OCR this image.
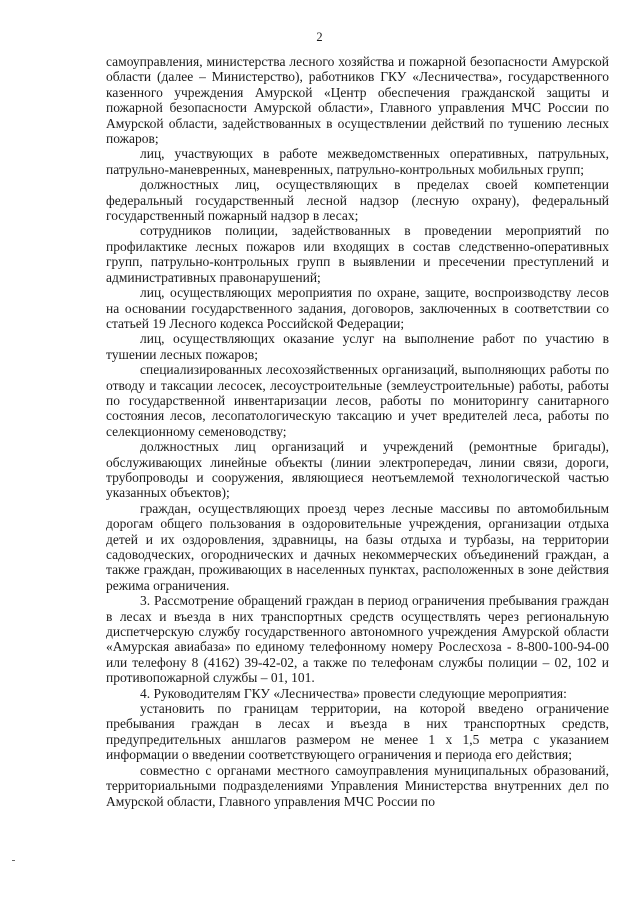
2

самоуправления, министерства лесного хозяйства и пожарной безопасности Амурской области (далее – Министерство), работников ГКУ «Лесничества», государственного казенного учреждения Амурской «Центр обеспечения гражданской защиты и пожарной безопасности Амурской области», Главного управления МЧС России по Амурской области, задействованных в осуществлении действий по тушению лесных пожаров;

лиц, участвующих в работе межведомственных оперативных, патрульных, патрульно-маневренных, маневренных, патрульно-контрольных мобильных групп;

должностных лиц, осуществляющих в пределах своей компетенции федеральный государственный лесной надзор (лесную охрану), федеральный государственный пожарный надзор в лесах;

сотрудников полиции, задействованных в проведении мероприятий по профилактике лесных пожаров или входящих в состав следственно-оперативных групп, патрульно-контрольных групп в выявлении и пресечении преступлений и административных правонарушений;

лиц, осуществляющих мероприятия по охране, защите, воспроизводству лесов на основании государственного задания, договоров, заключенных в соответствии со статьей 19 Лесного кодекса Российской Федерации;

лиц, осуществляющих оказание услуг на выполнение работ по участию в тушении лесных пожаров;

специализированных лесохозяйственных организаций, выполняющих работы по отводу и таксации лесосек, лесоустроительные (землеустроительные) работы, работы по государственной инвентаризации лесов, работы по мониторингу санитарного состояния лесов, лесопатологическую таксацию и учет вредителей леса, работы по селекционному семеноводству;

должностных лиц организаций и учреждений (ремонтные бригады), обслуживающих линейные объекты (линии электропередач, линии связи, дороги, трубопроводы и сооружения, являющиеся неотъемлемой технологической частью указанных объектов);

граждан, осуществляющих проезд через лесные массивы по автомобильным дорогам общего пользования в оздоровительные учреждения, организации отдыха детей и их оздоровления, здравницы, на базы отдыха и турбазы, на территории садоводческих, огороднических и дачных некоммерческих объединений граждан, а также граждан, проживающих в населенных пунктах, расположенных в зоне действия режима ограничения.

3. Рассмотрение обращений граждан в период ограничения пребывания граждан в лесах и въезда в них транспортных средств осуществлять через региональную диспетчерскую службу государственного автономного учреждения Амурской области «Амурская авиабаза» по единому телефонному номеру Рослесхоза - 8-800-100-94-00 или телефону 8 (4162) 39-42-02, а также по телефонам службы полиции – 02, 102 и противопожарной службы – 01, 101.

4. Руководителям ГКУ «Лесничества» провести следующие мероприятия:

установить по границам территории, на которой введено ограничение пребывания граждан в лесах и въезда в них транспортных средств, предупредительных аншлагов размером не менее 1 х 1,5 метра с указанием информации о введении соответствующего ограничения и периода его действия;

совместно с органами местного самоуправления муниципальных образований, территориальными подразделениями Управления Министерства внутренних дел по Амурской области, Главного управления МЧС России по
